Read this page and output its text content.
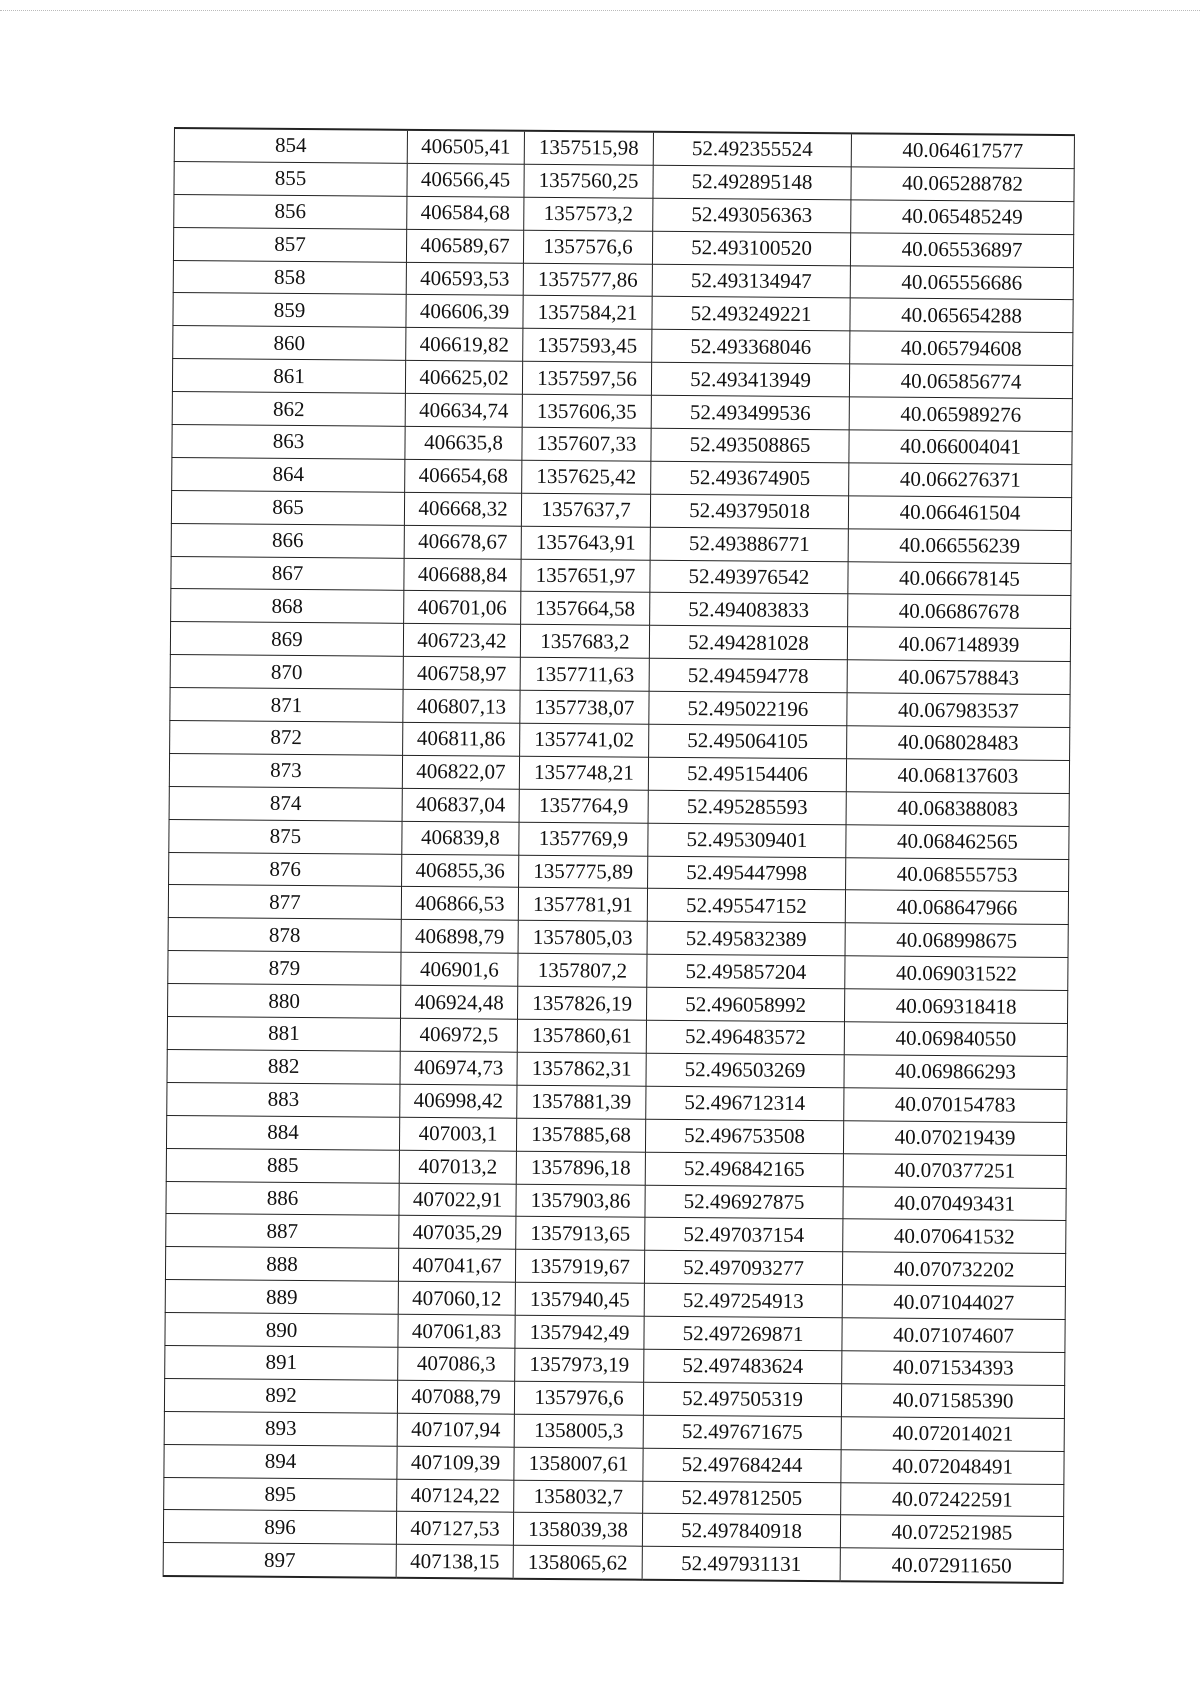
854	406505,41	1357515,98	52.492355524	40.064617577
855	406566,45	1357560,25	52.492895148	40.065288782
856	406584,68	1357573,2	52.493056363	40.065485249
857	406589,67	1357576,6	52.493100520	40.065536897
858	406593,53	1357577,86	52.493134947	40.065556686
859	406606,39	1357584,21	52.493249221	40.065654288
860	406619,82	1357593,45	52.493368046	40.065794608
861	406625,02	1357597,56	52.493413949	40.065856774
862	406634,74	1357606,35	52.493499536	40.065989276
863	406635,8	1357607,33	52.493508865	40.066004041
864	406654,68	1357625,42	52.493674905	40.066276371
865	406668,32	1357637,7	52.493795018	40.066461504
866	406678,67	1357643,91	52.493886771	40.066556239
867	406688,84	1357651,97	52.493976542	40.066678145
868	406701,06	1357664,58	52.494083833	40.066867678
869	406723,42	1357683,2	52.494281028	40.067148939
870	406758,97	1357711,63	52.494594778	40.067578843
871	406807,13	1357738,07	52.495022196	40.067983537
872	406811,86	1357741,02	52.495064105	40.068028483
873	406822,07	1357748,21	52.495154406	40.068137603
874	406837,04	1357764,9	52.495285593	40.068388083
875	406839,8	1357769,9	52.495309401	40.068462565
876	406855,36	1357775,89	52.495447998	40.068555753
877	406866,53	1357781,91	52.495547152	40.068647966
878	406898,79	1357805,03	52.495832389	40.068998675
879	406901,6	1357807,2	52.495857204	40.069031522
880	406924,48	1357826,19	52.496058992	40.069318418
881	406972,5	1357860,61	52.496483572	40.069840550
882	406974,73	1357862,31	52.496503269	40.069866293
883	406998,42	1357881,39	52.496712314	40.070154783
884	407003,1	1357885,68	52.496753508	40.070219439
885	407013,2	1357896,18	52.496842165	40.070377251
886	407022,91	1357903,86	52.496927875	40.070493431
887	407035,29	1357913,65	52.497037154	40.070641532
888	407041,67	1357919,67	52.497093277	40.070732202
889	407060,12	1357940,45	52.497254913	40.071044027
890	407061,83	1357942,49	52.497269871	40.071074607
891	407086,3	1357973,19	52.497483624	40.071534393
892	407088,79	1357976,6	52.497505319	40.071585390
893	407107,94	1358005,3	52.497671675	40.072014021
894	407109,39	1358007,61	52.497684244	40.072048491
895	407124,22	1358032,7	52.497812505	40.072422591
896	407127,53	1358039,38	52.497840918	40.072521985
897	407138,15	1358065,62	52.497931131	40.072911650
